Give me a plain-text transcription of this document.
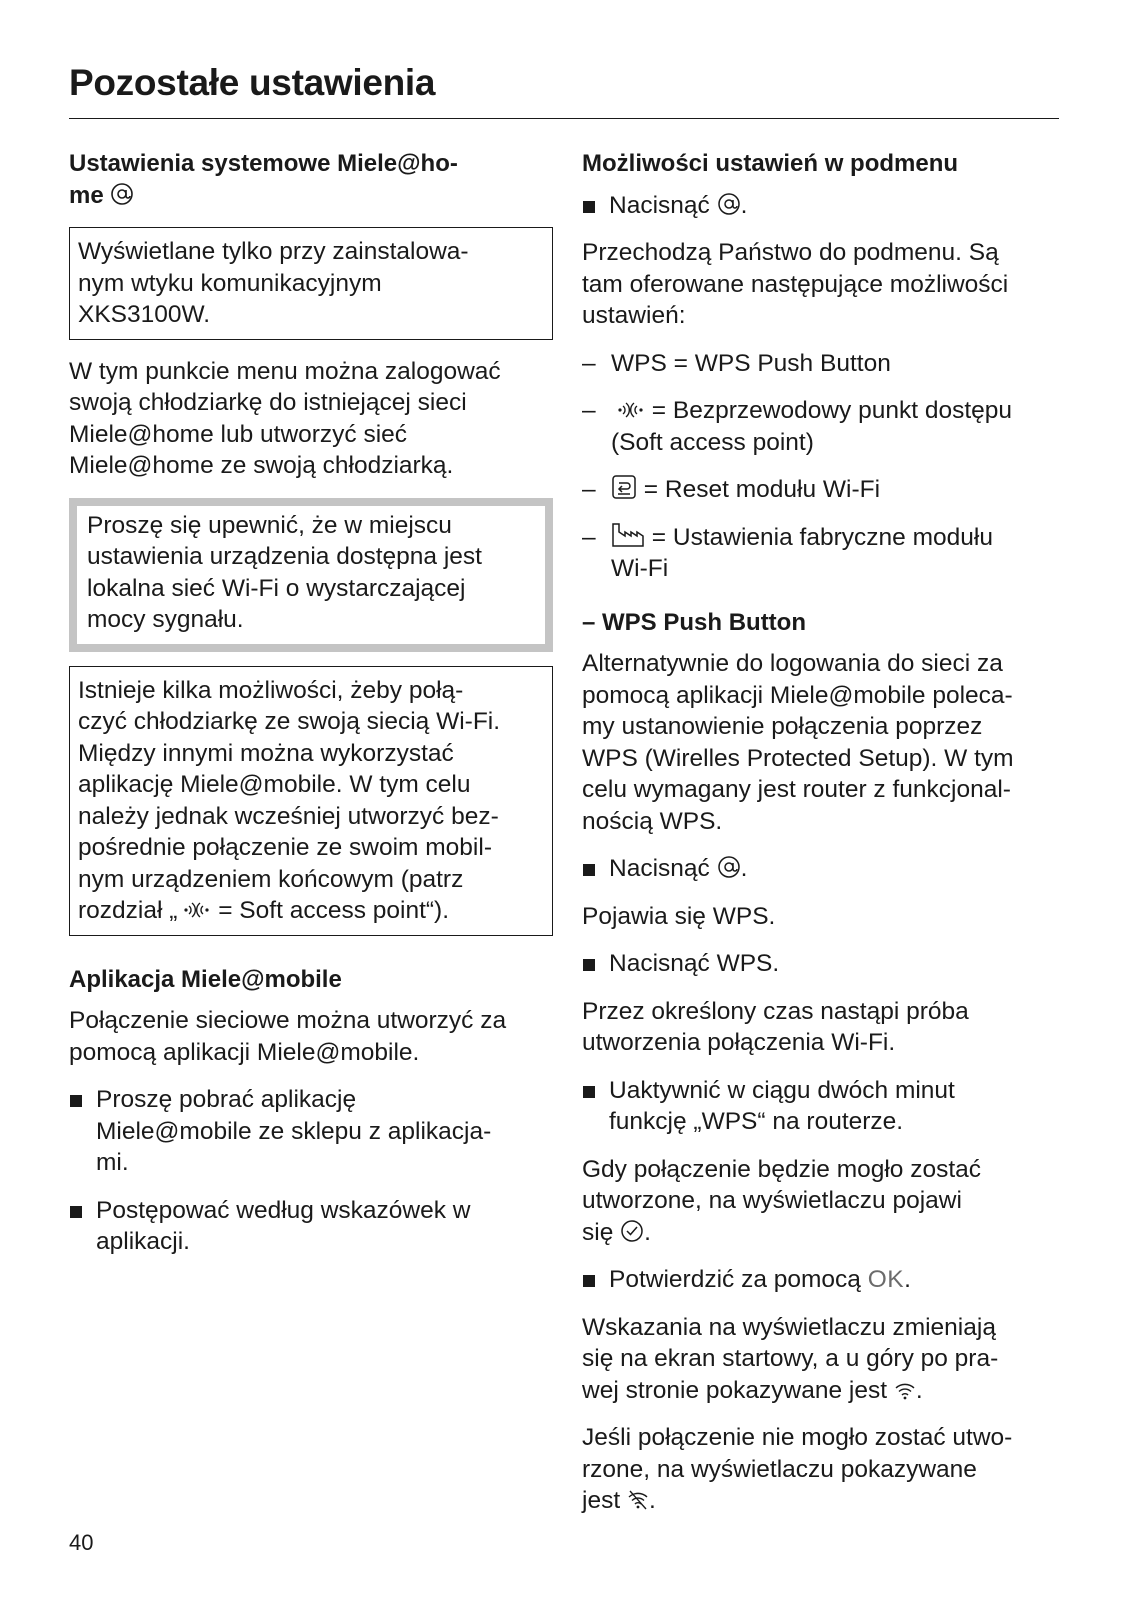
Pozostałe ustawienia
Ustawienia systemowe Miele@ho-
me
Wyświetlane tylko przy zainstalowa-
nym wtyku komunikacyjnym
XKS3100W.

W tym punkcie menu można zalogować
swoją chłodziarkę do istniejącej sieci
Miele@home lub utworzyć sieć
Miele@home ze swoją chłodziarką.

Proszę się upewnić, że w miejscu
ustawienia urządzenia dostępna jest
lokalna sieć Wi-Fi o wystarczającej
mocy sygnału.
Istnieje kilka możliwości, żeby połą-
czyć chłodziarkę ze swoją siecią Wi-Fi.
Między innymi można wykorzystać
aplikację Miele@mobile. W tym celu
należy jednak wcześniej utworzyć bez-
pośrednie połączenie ze swoim mobil-
nym urządzeniem końcowym (patrz
rozdział „ = Soft access point“).
Aplikacja Miele@mobile

Połączenie sieciowe można utworzyć za
pomocą aplikacji Miele@mobile.

Proszę pobrać aplikację
Miele@mobile ze sklepu z aplikacja-
mi.
Postępować według wskazówek w
aplikacji.
Możliwości ustawień w podmenu
Nacisnąć .

Przechodzą Państwo do podmenu. Są
tam oferowane następujące możliwości
ustawień:

– WPS = WPS Push Button
– = Bezprzewodowy punkt dostępu
(Soft access point)
– = Reset modułu Wi-Fi
– = Ustawienia fabryczne modułu
Wi-Fi
– WPS Push Button

Alternatywnie do logowania do sieci za
pomocą aplikacji Miele@mobile poleca-
my ustanowienie połączenia poprzez
WPS (Wirelles Protected Setup). W tym
celu wymagany jest router z funkcjonal-
nością WPS.

Nacisnąć .

Pojawia się WPS.

Nacisnąć WPS.

Przez określony czas nastąpi próba
utworzenia połączenia Wi-Fi.

Uaktywnić w ciągu dwóch minut
funkcję „WPS“ na routerze.

Gdy połączenie będzie mogło zostać
utworzone, na wyświetlaczu pojawi
się .

Potwierdzić za pomocą OK.

Wskazania na wyświetlaczu zmieniają
się na ekran startowy, a u góry po pra-
wej stronie pokazywane jest .

Jeśli połączenie nie mogło zostać utwo-
rzone, na wyświetlaczu pokazywane
jest .

40
